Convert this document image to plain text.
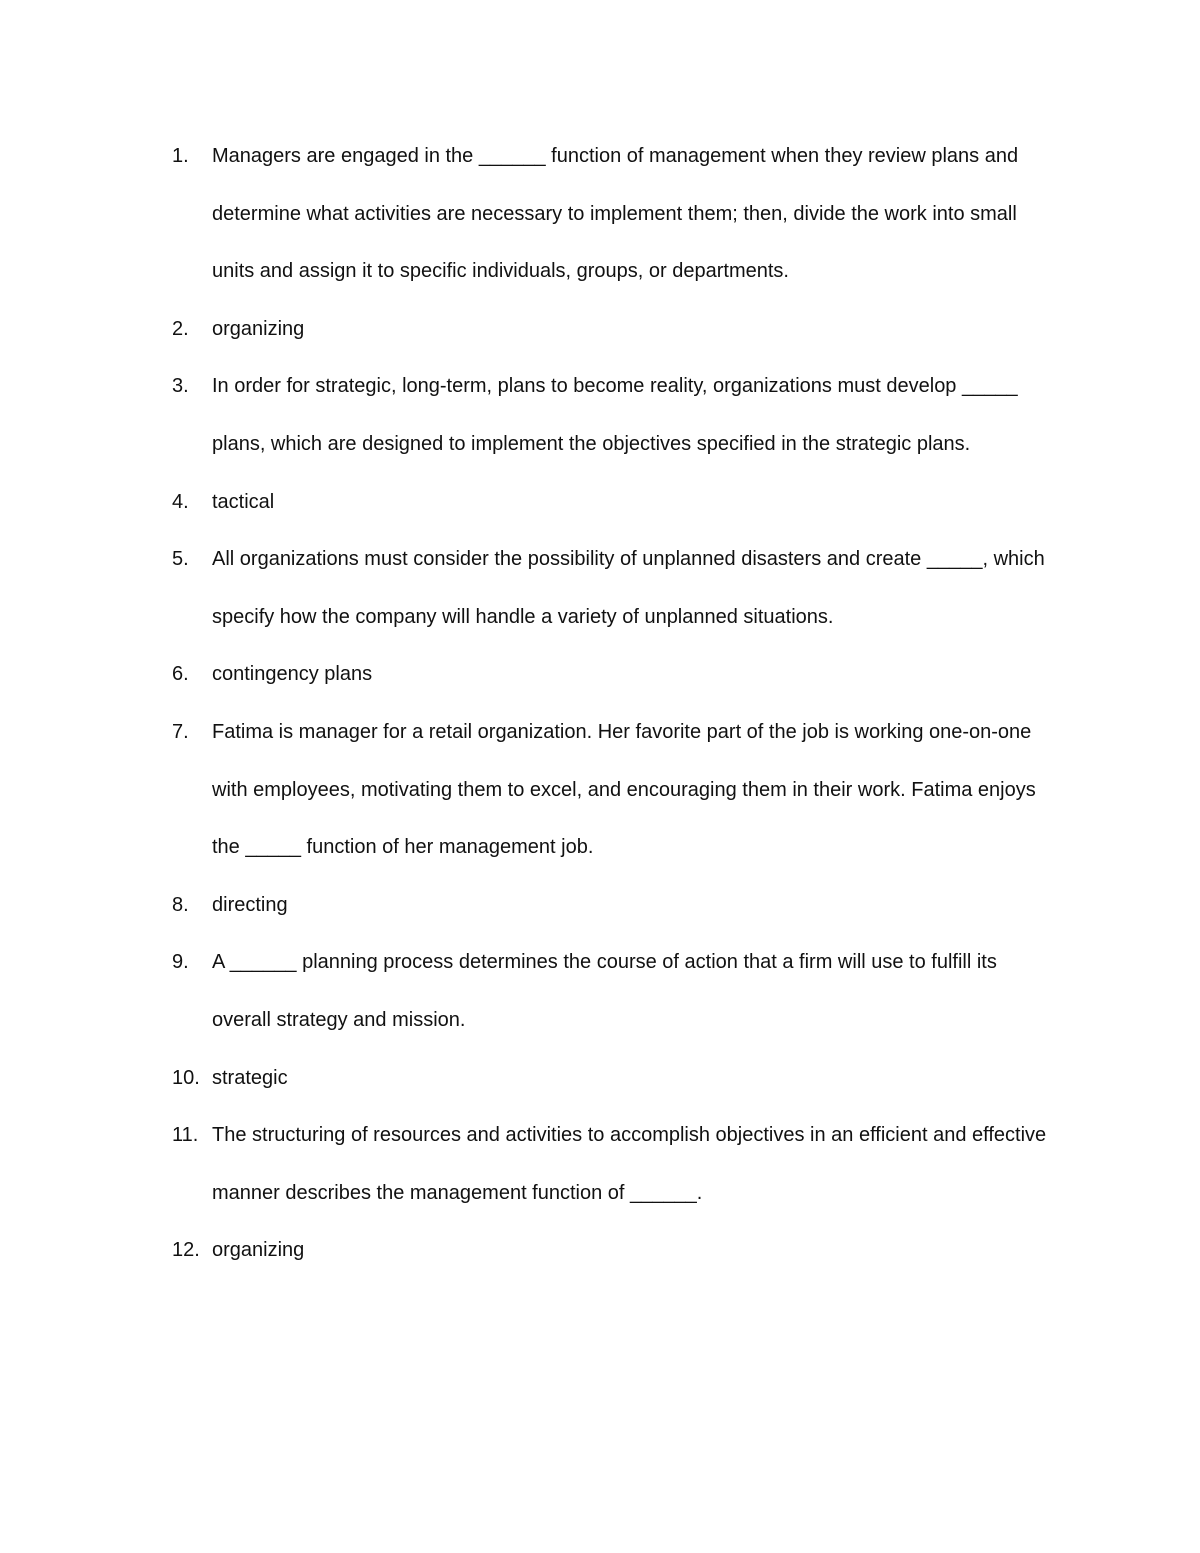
1.	Managers are engaged in the ______ function of management when they review plans and determine what activities are necessary to implement them; then, divide the work into small units and assign it to specific individuals, groups, or departments.
2.	organizing
3.	In order for strategic, long-term, plans to become reality, organizations must develop _____ plans, which are designed to implement the objectives specified in the strategic plans.
4.	tactical
5.	All organizations must consider the possibility of unplanned disasters and create _____, which specify how the company will handle a variety of unplanned situations.
6.	contingency plans
7.	Fatima is manager for a retail organization. Her favorite part of the job is working one-on-one with employees, motivating them to excel, and encouraging them in their work. Fatima enjoys the _____ function of her management job.
8.	directing
9.	A ______ planning process determines the course of action that a firm will use to fulfill its overall strategy and mission.
10. strategic
11. The structuring of resources and activities to accomplish objectives in an efficient and effective manner describes the management function of ______.
12. organizing
